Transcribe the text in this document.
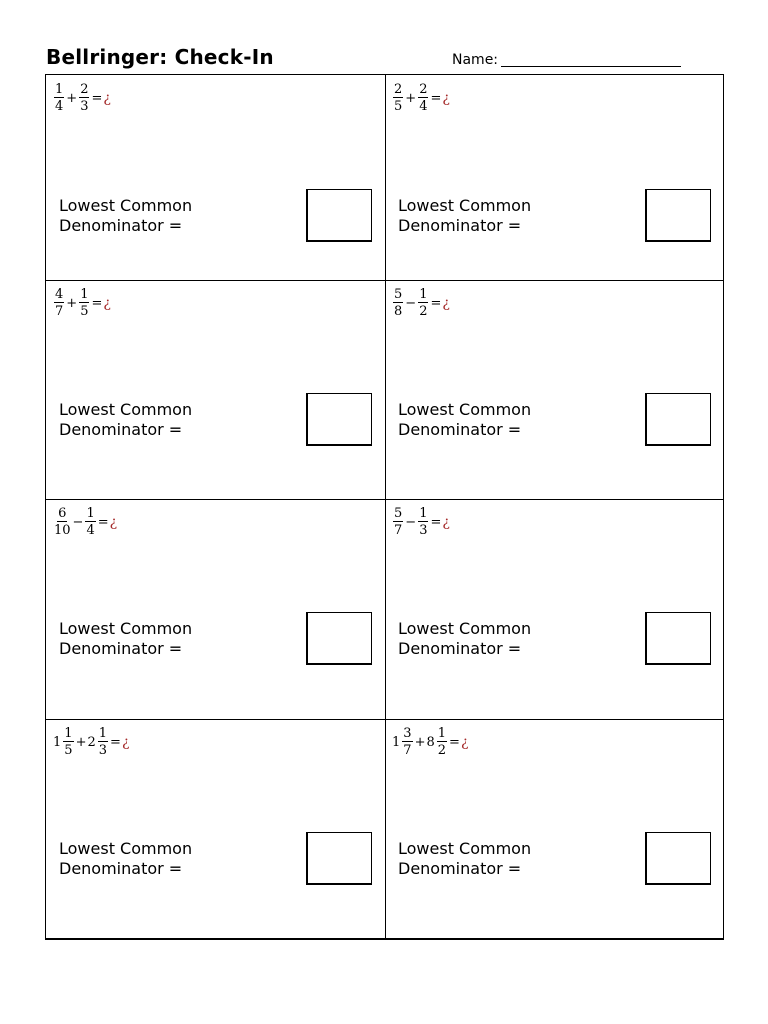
Bellringer: Check-In	Name:
$\frac{1}{4} + \frac{2}{3}$ = ¿
Lowest Common
Denominator =
$\frac{2}{5} + \frac{2}{4}$ = ¿
Lowest Common
Denominator =
$\frac{4}{7} + \frac{1}{5}$ = ¿
Lowest Common
Denominator =
$\frac{5}{8} - \frac{1}{2}$ = ¿
Lowest Common
Denominator =
$\frac{6}{10} - \frac{1}{4}$ = ¿
Lowest Common
Denominator =
$\frac{5}{7} - \frac{1}{3}$ = ¿
Lowest Common
Denominator =
$1 \frac{1}{5} + 2 \frac{1}{3}$ = ¿
Lowest Common
Denominator =
$1 \frac{3}{7} + 8 \frac{1}{2}$ = ¿
Lowest Common
Denominator =
